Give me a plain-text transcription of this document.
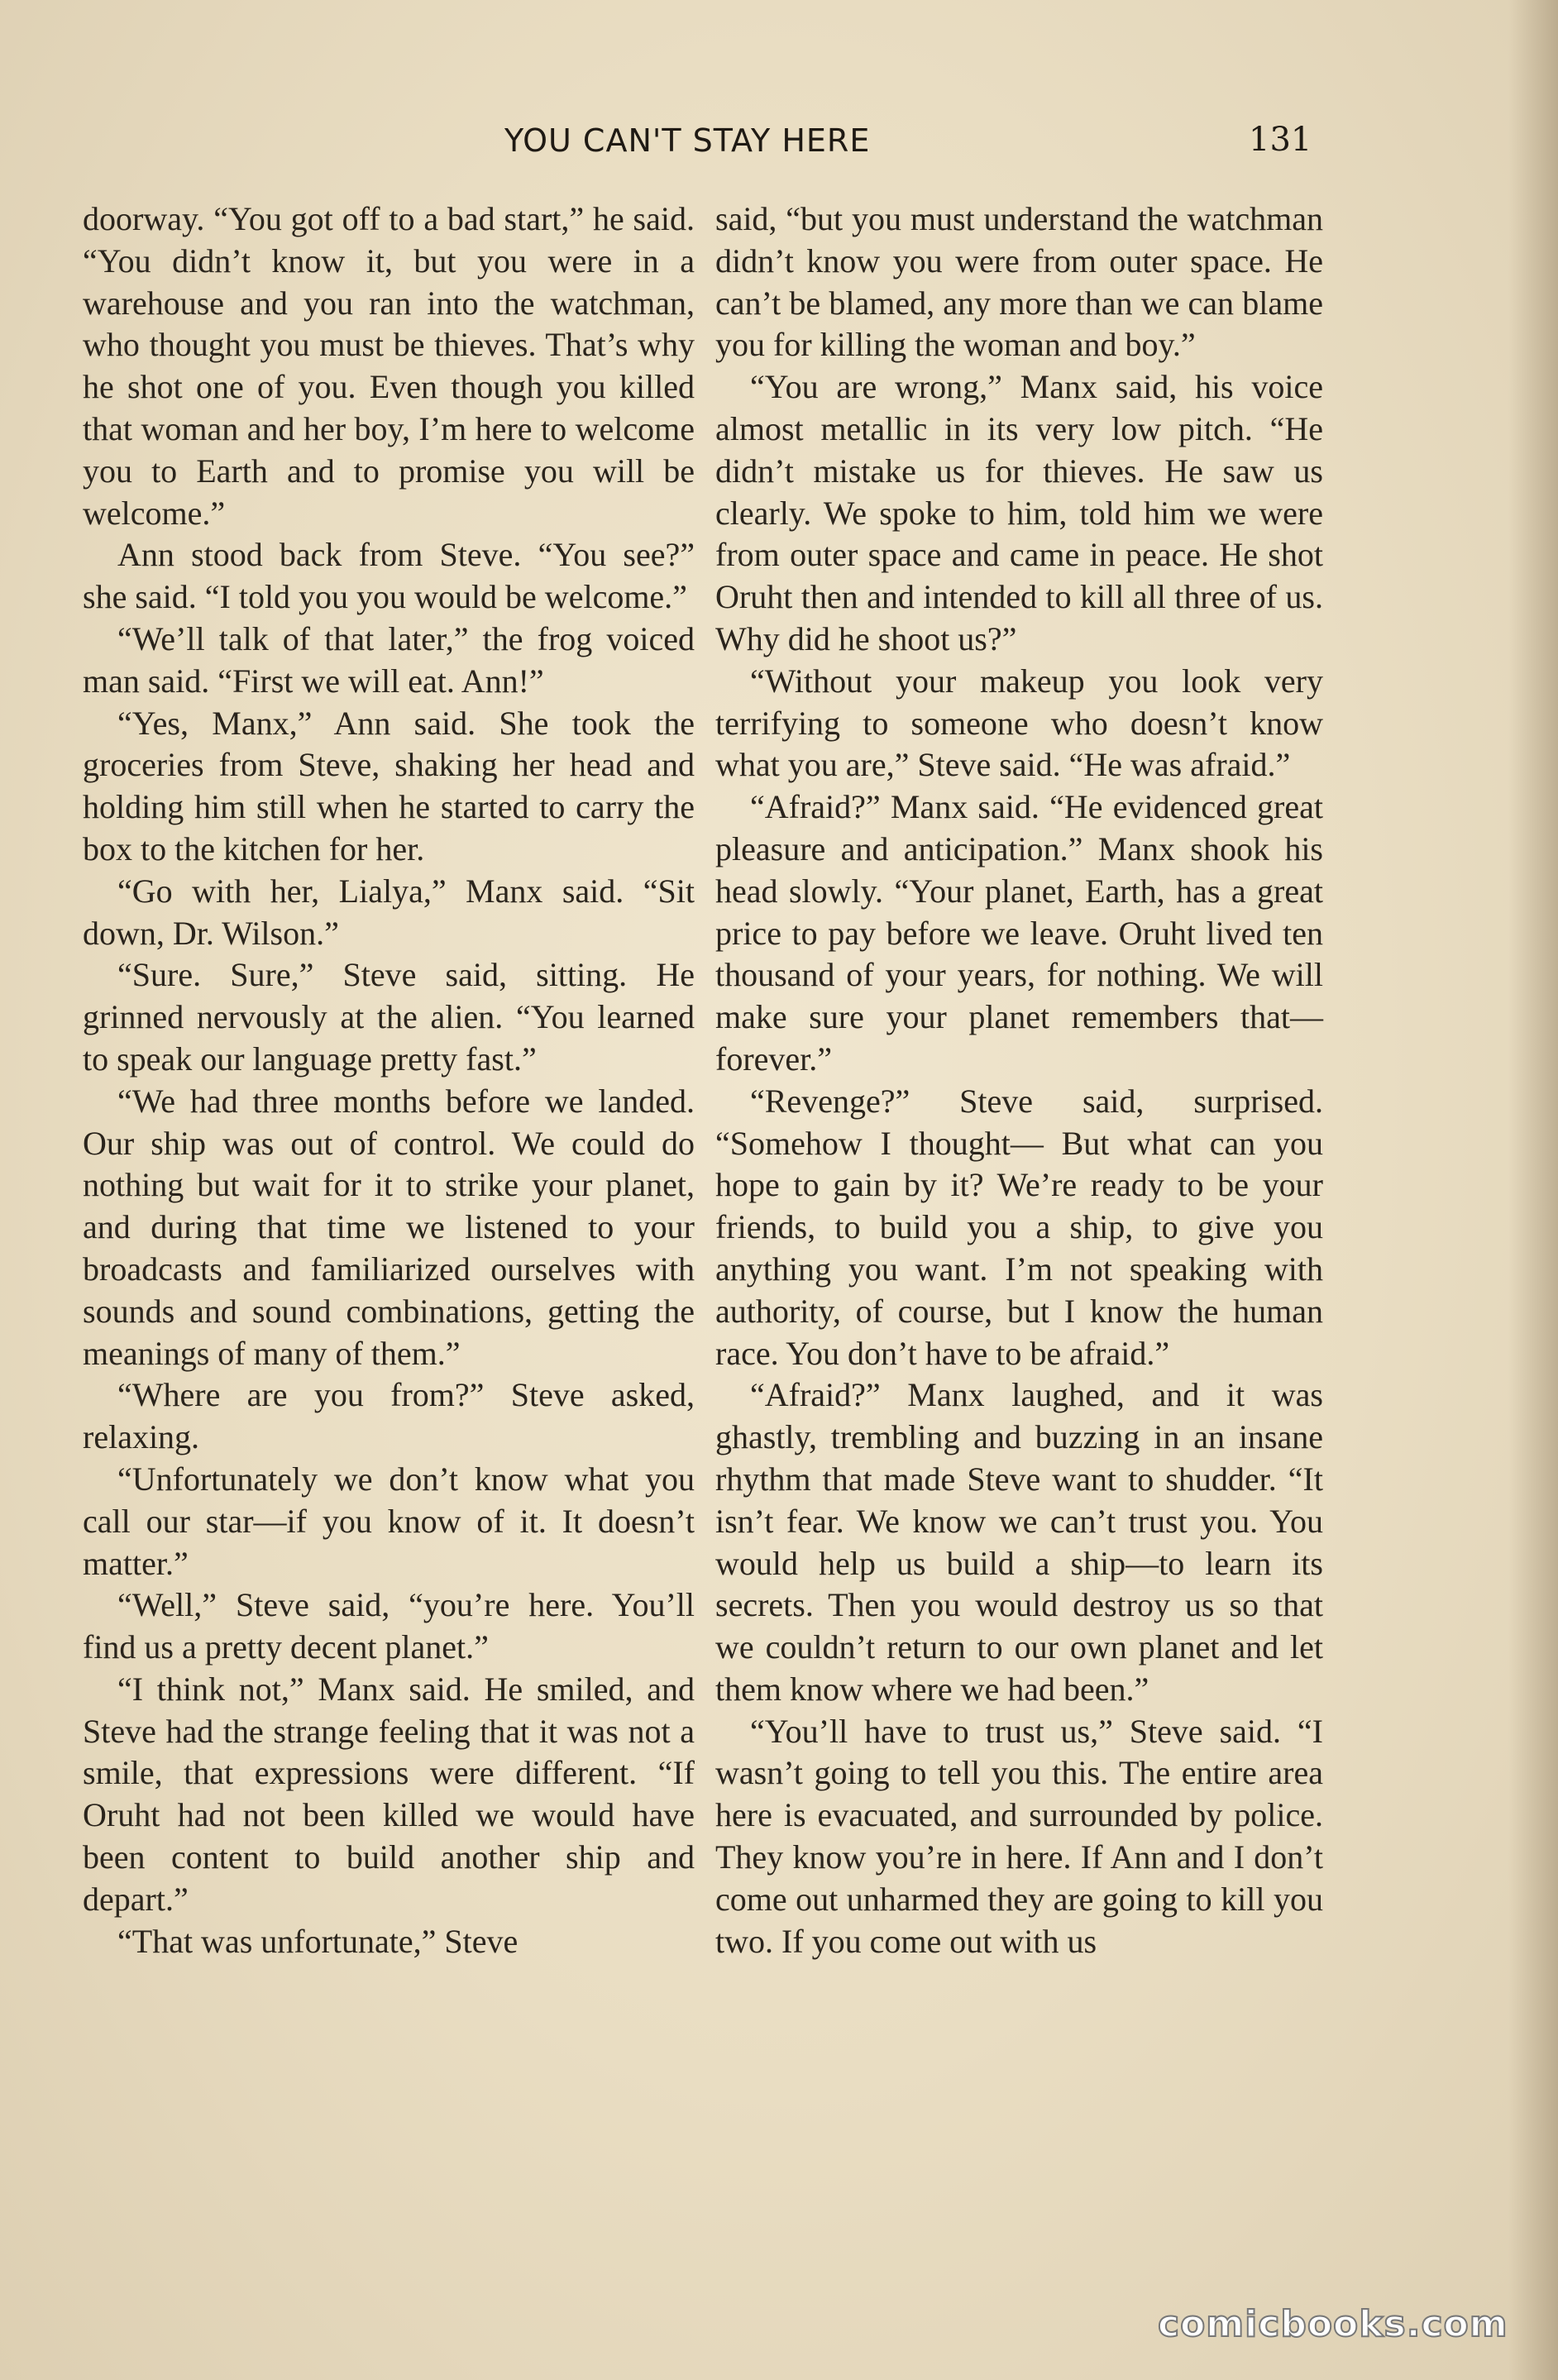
YOU CAN'T STAY HERE	131

doorway. “You got off to a bad start,” he said. “You didn’t know it, but you were in a warehouse and you ran into the watchman, who thought you must be thieves. That’s why he shot one of you. Even though you killed that woman and her boy, I’m here to welcome you to Earth and to promise you will be welcome.”

Ann stood back from Steve. “You see?” she said. “I told you you would be welcome.”

“We’ll talk of that later,” the frog voiced man said. “First we will eat. Ann!”

“Yes, Manx,” Ann said. She took the groceries from Steve, shaking her head and holding him still when he started to carry the box to the kitchen for her.

“Go with her, Lialya,” Manx said. “Sit down, Dr. Wilson.”

“Sure. Sure,” Steve said, sitting. He grinned nervously at the alien. “You learned to speak our language pretty fast.”

“We had three months before we landed. Our ship was out of control. We could do nothing but wait for it to strike your planet, and during that time we listened to your broadcasts and familiarized ourselves with sounds and sound combinations, getting the meanings of many of them.”

“Where are you from?” Steve asked, relaxing.

“Unfortunately we don’t know what you call our star—if you know of it. It doesn’t matter.”

“Well,” Steve said, “you’re here. You’ll find us a pretty decent planet.”

“I think not,” Manx said. He smiled, and Steve had the strange feeling that it was not a smile, that expressions were different. “If Oruht had not been killed we would have been content to build another ship and depart.”

“That was unfortunate,” Steve

said, “but you must understand the watchman didn’t know you were from outer space. He can’t be blamed, any more than we can blame you for killing the woman and boy.”

“You are wrong,” Manx said, his voice almost metallic in its very low pitch. “He didn’t mistake us for thieves. He saw us clearly. We spoke to him, told him we were from outer space and came in peace. He shot Oruht then and intended to kill all three of us. Why did he shoot us?”

“Without your makeup you look very terrifying to someone who doesn’t know what you are,” Steve said. “He was afraid.”

“Afraid?” Manx said. “He evidenced great pleasure and anticipation.” Manx shook his head slowly. “Your planet, Earth, has a great price to pay before we leave. Oruht lived ten thousand of your years, for nothing. We will make sure your planet remembers that—forever.”

“Revenge?” Steve said, surprised. “Somehow I thought— But what can you hope to gain by it? We’re ready to be your friends, to build you a ship, to give you anything you want. I’m not speaking with authority, of course, but I know the human race. You don’t have to be afraid.”

“Afraid?” Manx laughed, and it was ghastly, trembling and buzzing in an insane rhythm that made Steve want to shudder. “It isn’t fear. We know we can’t trust you. You would help us build a ship—to learn its secrets. Then you would destroy us so that we couldn’t return to our own planet and let them know where we had been.”

“You’ll have to trust us,” Steve said. “I wasn’t going to tell you this. The entire area here is evacuated, and surrounded by police. They know you’re in here. If Ann and I don’t come out unharmed they are going to kill you two. If you come out with us

comicbooks.com
